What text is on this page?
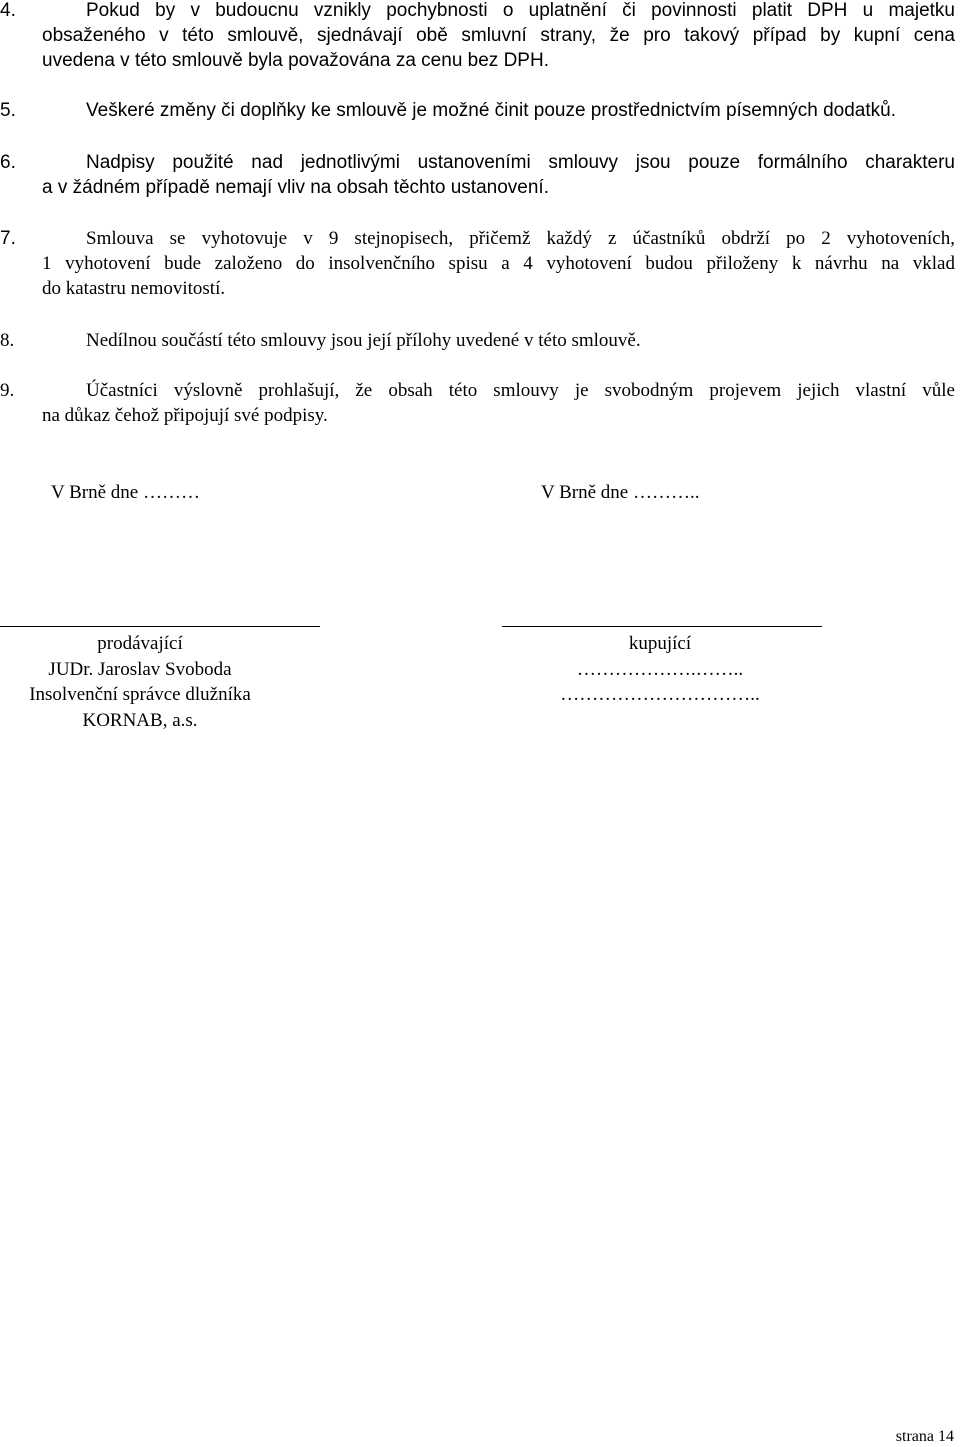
4.	Pokud by v budoucnu vznikly pochybnosti o uplatnění či povinnosti platit DPH u majetku
obsaženého v této smlouvě, sjednávají obě smluvní strany, že pro takový případ by kupní cena
uvedena v této smlouvě byla považována za cenu bez DPH.
5.	Veškeré změny či doplňky ke smlouvě je možné činit pouze prostřednictvím písemných dodatků.
6.	Nadpisy použité nad jednotlivými ustanoveními smlouvy jsou pouze formálního charakteru
a v žádném případě nemají vliv na obsah těchto ustanovení.
7.	Smlouva se vyhotovuje v 9 stejnopisech, přičemž každý z účastníků obdrží po 2 vyhotoveních,
1 vyhotovení bude založeno do insolvenčního spisu a 4 vyhotovení budou přiloženy k návrhu na vklad
do katastru nemovitostí.
8.	Nedílnou součástí této smlouvy jsou její přílohy uvedené v této smlouvě.
9.	Účastníci výslovně prohlašují, že obsah této smlouvy je svobodným projevem jejich vlastní vůle
na důkaz čehož připojují své podpisy.
V Brně dne ………	V Brně dne ………..
prodávající
JUDr. Jaroslav Svoboda
Insolvenční správce dlužníka
KORNAB, a.s.
kupující
……………….……..
…………………………..
strana 14
